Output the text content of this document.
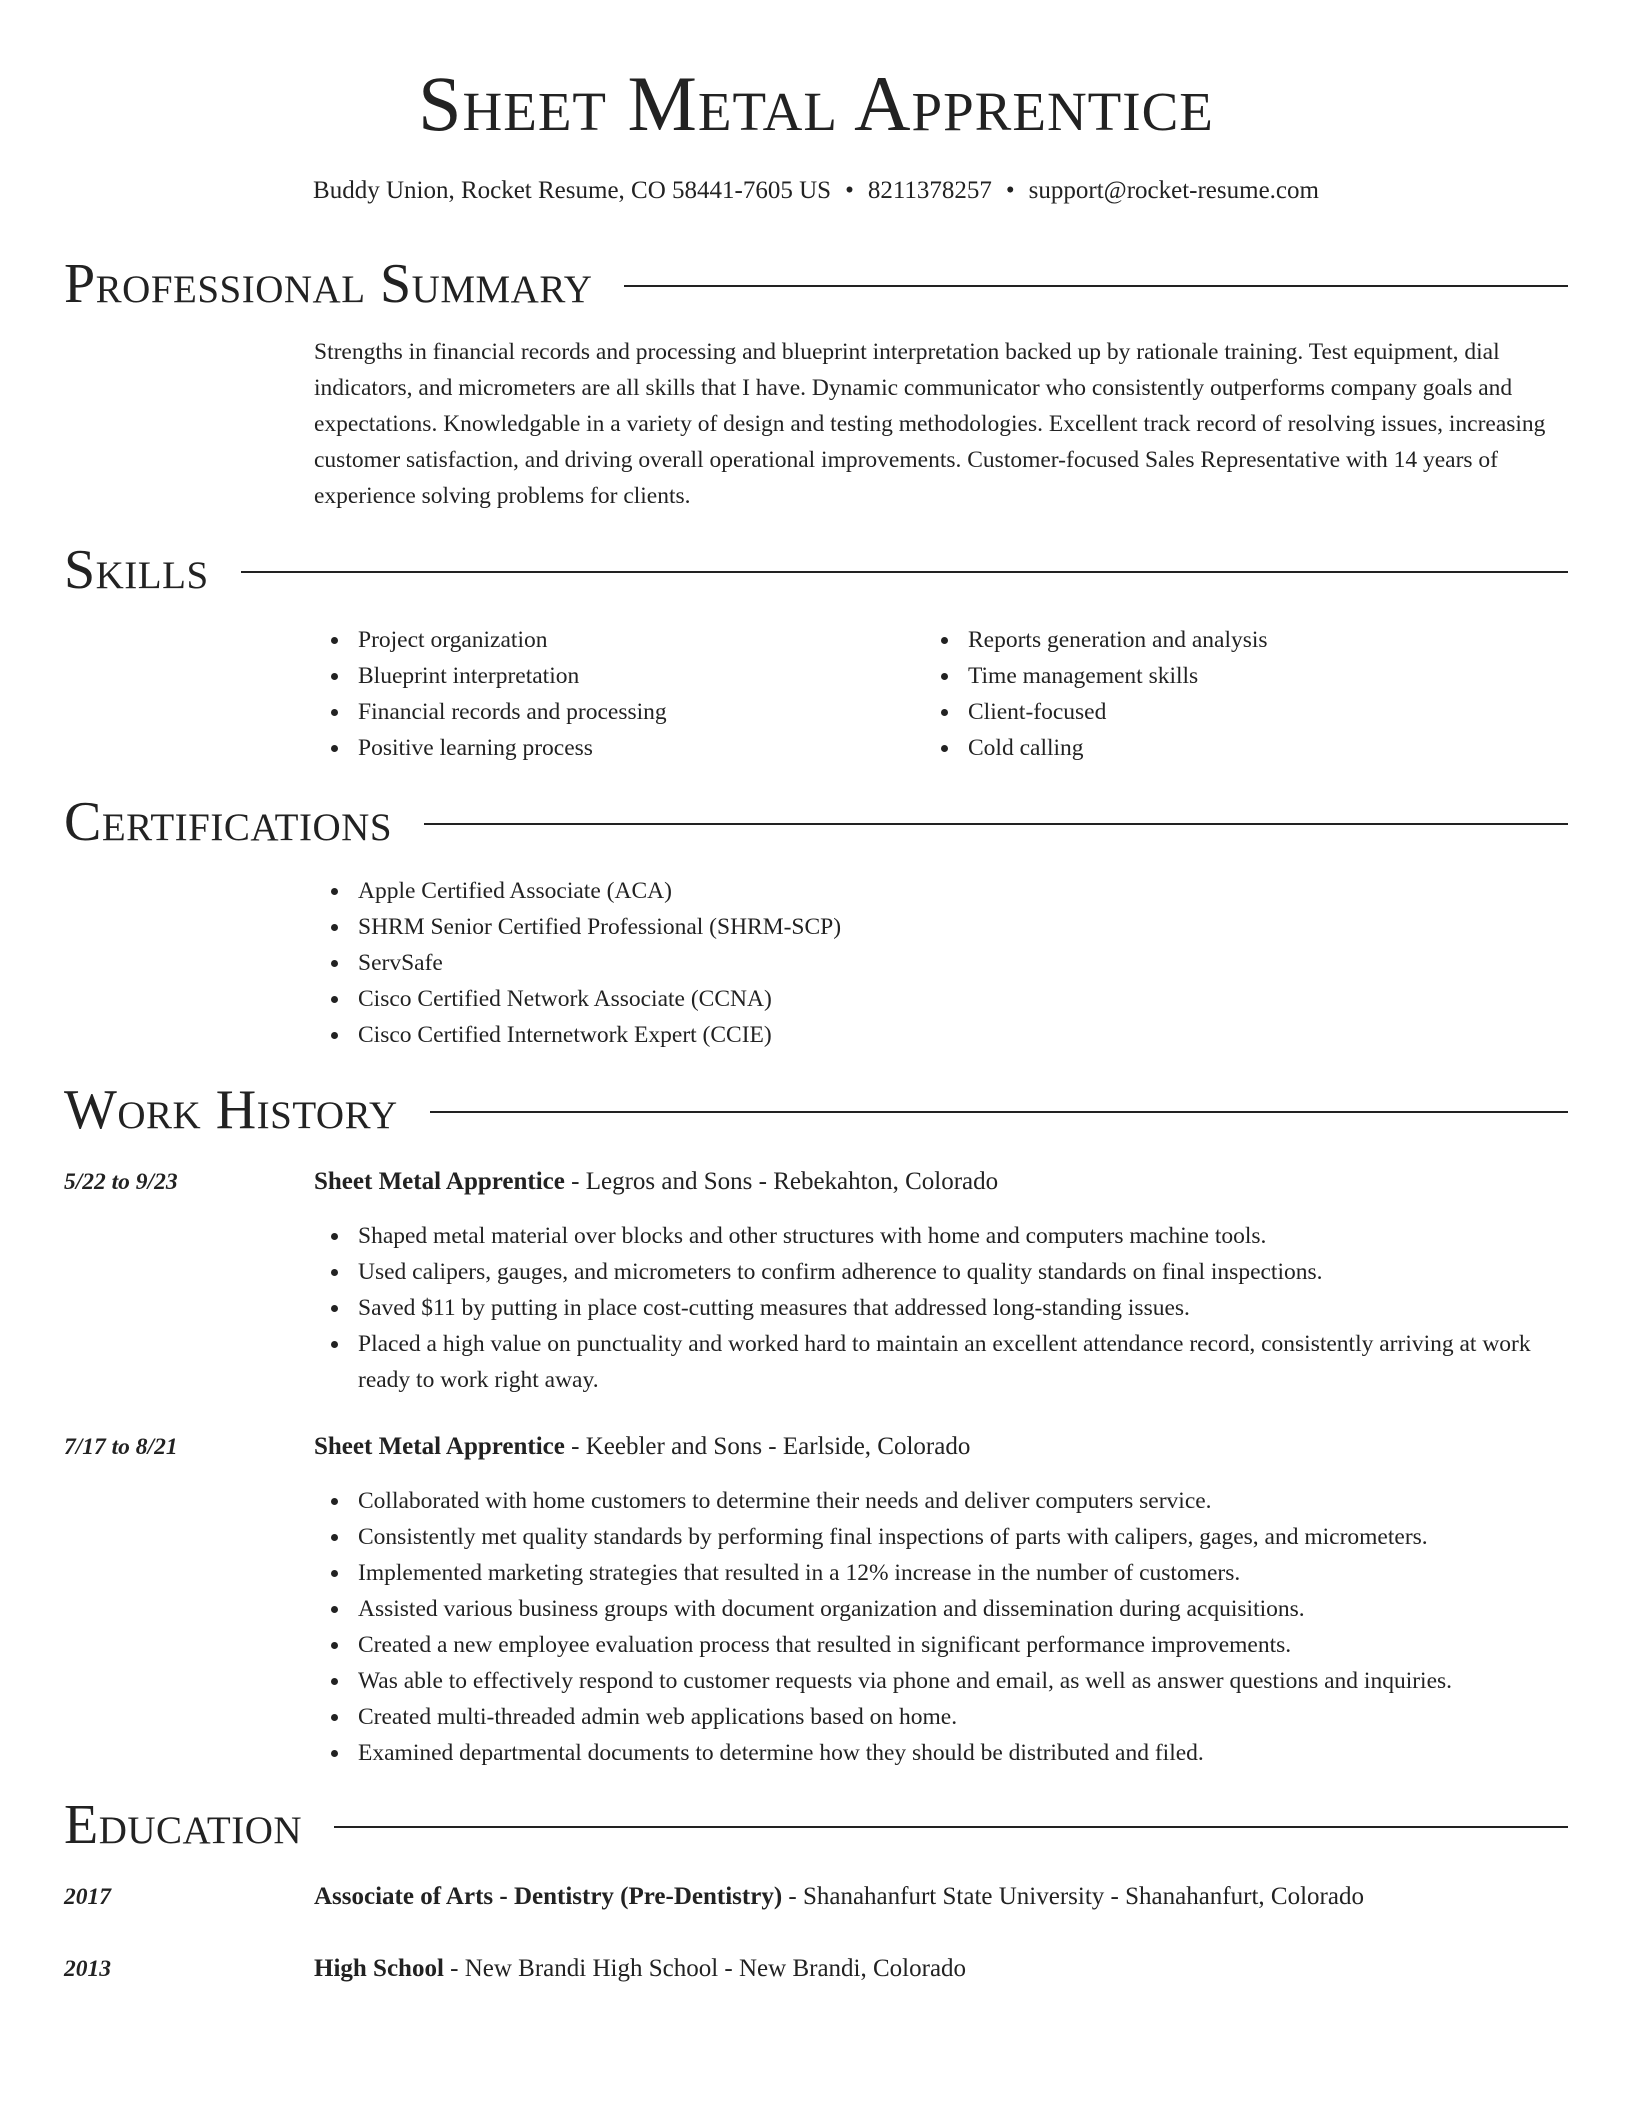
Sheet Metal Apprentice
Buddy Union, Rocket Resume, CO 58441-7605 US • 8211378257 • support@rocket-resume.com
Professional Summary

Strengths in financial records and processing and blueprint interpretation backed up by rationale training. Test equipment, dial indicators, and micrometers are all skills that I have. Dynamic communicator who consistently outperforms company goals and expectations. Knowledgable in a variety of design and testing methodologies. Excellent track record of resolving issues, increasing customer satisfaction, and driving overall operational improvements. Customer-focused Sales Representative with 14 years of experience solving problems for clients.

Skills
Project organization
Blueprint interpretation
Financial records and processing
Positive learning process
Reports generation and analysis
Time management skills
Client-focused
Cold calling
Certifications
Apple Certified Associate (ACA)
SHRM Senior Certified Professional (SHRM-SCP)
ServSafe
Cisco Certified Network Associate (CCNA)
Cisco Certified Internetwork Expert (CCIE)
Work History
5/22 to 9/23	Sheet Metal Apprentice - Legros and Sons - Rebekahton, Colorado
Shaped metal material over blocks and other structures with home and computers machine tools.
Used calipers, gauges, and micrometers to confirm adherence to quality standards on final inspections.
Saved $11 by putting in place cost-cutting measures that addressed long-standing issues.
Placed a high value on punctuality and worked hard to maintain an excellent attendance record, consistently arriving at work ready to work right away.
7/17 to 8/21	Sheet Metal Apprentice - Keebler and Sons - Earlside, Colorado
Collaborated with home customers to determine their needs and deliver computers service.
Consistently met quality standards by performing final inspections of parts with calipers, gages, and micrometers.
Implemented marketing strategies that resulted in a 12% increase in the number of customers.
Assisted various business groups with document organization and dissemination during acquisitions.
Created a new employee evaluation process that resulted in significant performance improvements.
Was able to effectively respond to customer requests via phone and email, as well as answer questions and inquiries.
Created multi-threaded admin web applications based on home.
Examined departmental documents to determine how they should be distributed and filed.
Education
2017	Associate of Arts - Dentistry (Pre-Dentistry) - Shanahanfurt State University - Shanahanfurt, Colorado
2013	High School - New Brandi High School - New Brandi, Colorado
